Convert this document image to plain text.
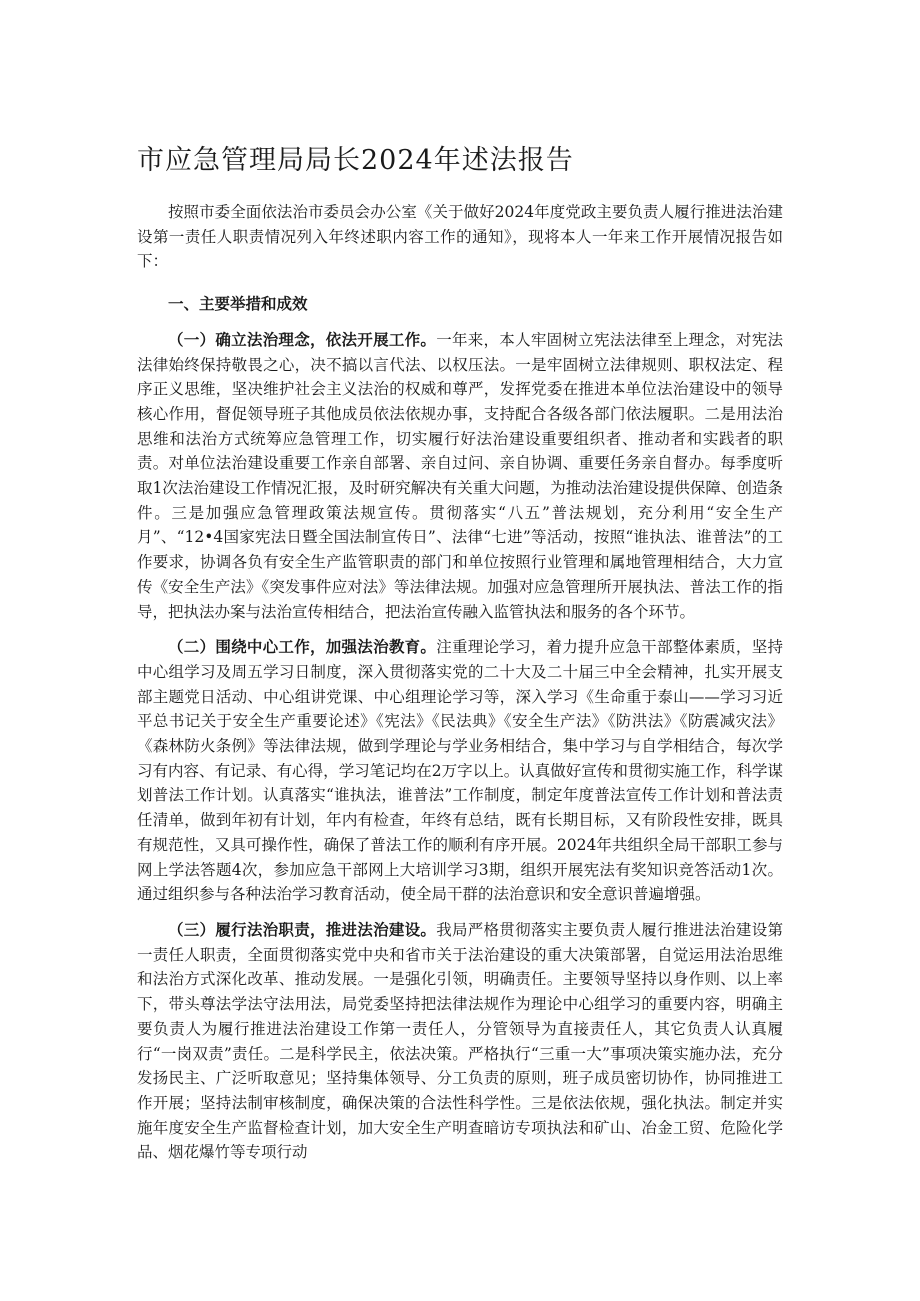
市应急管理局局长2024年述法报告

按照市委全面依法治市委员会办公室《关于做好2024年度党政主要负责人履行推进法治建设第一责任人职责情况列入年终述职内容工作的通知》，现将本人一年来工作开展情况报告如下：

一、主要举措和成效

（一）确立法治理念，依法开展工作。一年来，本人牢固树立宪法法律至上理念，对宪法法律始终保持敬畏之心，决不搞以言代法、以权压法。一是牢固树立法律规则、职权法定、程序正义思维，坚决维护社会主义法治的权威和尊严，发挥党委在推进本单位法治建设中的领导核心作用，督促领导班子其他成员依法依规办事，支持配合各级各部门依法履职。二是用法治思维和法治方式统筹应急管理工作，切实履行好法治建设重要组织者、推动者和实践者的职责。对单位法治建设重要工作亲自部署、亲自过问、亲自协调、重要任务亲自督办。每季度听取1次法治建设工作情况汇报，及时研究解决有关重大问题，为推动法治建设提供保障、创造条件。三是加强应急管理政策法规宣传。贯彻落实“八五”普法规划，充分利用“安全生产月”、“12•4国家宪法日暨全国法制宣传日”、法律“七进”等活动，按照“谁执法、谁普法”的工作要求，协调各负有安全生产监管职责的部门和单位按照行业管理和属地管理相结合，大力宣传《安全生产法》《突发事件应对法》等法律法规。加强对应急管理所开展执法、普法工作的指导，把执法办案与法治宣传相结合，把法治宣传融入监管执法和服务的各个环节。

（二）围绕中心工作，加强法治教育。注重理论学习，着力提升应急干部整体素质，坚持中心组学习及周五学习日制度，深入贯彻落实党的二十大及二十届三中全会精神，扎实开展支部主题党日活动、中心组讲党课、中心组理论学习等，深入学习《生命重于泰山——学习习近平总书记关于安全生产重要论述》《宪法》《民法典》《安全生产法》《防洪法》《防震减灾法》《森林防火条例》等法律法规，做到学理论与学业务相结合，集中学习与自学相结合，每次学习有内容、有记录、有心得，学习笔记均在2万字以上。认真做好宣传和贯彻实施工作，科学谋划普法工作计划。认真落实“谁执法，谁普法”工作制度，制定年度普法宣传工作计划和普法责任清单，做到年初有计划，年内有检查，年终有总结，既有长期目标，又有阶段性安排，既具有规范性，又具可操作性，确保了普法工作的顺利有序开展。2024年共组织全局干部职工参与网上学法答题4次，参加应急干部网上大培训学习3期，组织开展宪法有奖知识竞答活动1次。通过组织参与各种法治学习教育活动，使全局干群的法治意识和安全意识普遍增强。

（三）履行法治职责，推进法治建设。我局严格贯彻落实主要负责人履行推进法治建设第一责任人职责，全面贯彻落实党中央和省市关于法治建设的重大决策部署，自觉运用法治思维和法治方式深化改革、推动发展。一是强化引领，明确责任。主要领导坚持以身作则、以上率下，带头尊法学法守法用法，局党委坚持把法律法规作为理论中心组学习的重要内容，明确主要负责人为履行推进法治建设工作第一责任人，分管领导为直接责任人，其它负责人认真履行“一岗双责”责任。二是科学民主，依法决策。严格执行“三重一大”事项决策实施办法，充分发扬民主、广泛听取意见；坚持集体领导、分工负责的原则，班子成员密切协作，协同推进工作开展；坚持法制审核制度，确保决策的合法性科学性。三是依法依规，强化执法。制定并实施年度安全生产监督检查计划，加大安全生产明查暗访专项执法和矿山、冶金工贸、危险化学品、烟花爆竹等专项行动
